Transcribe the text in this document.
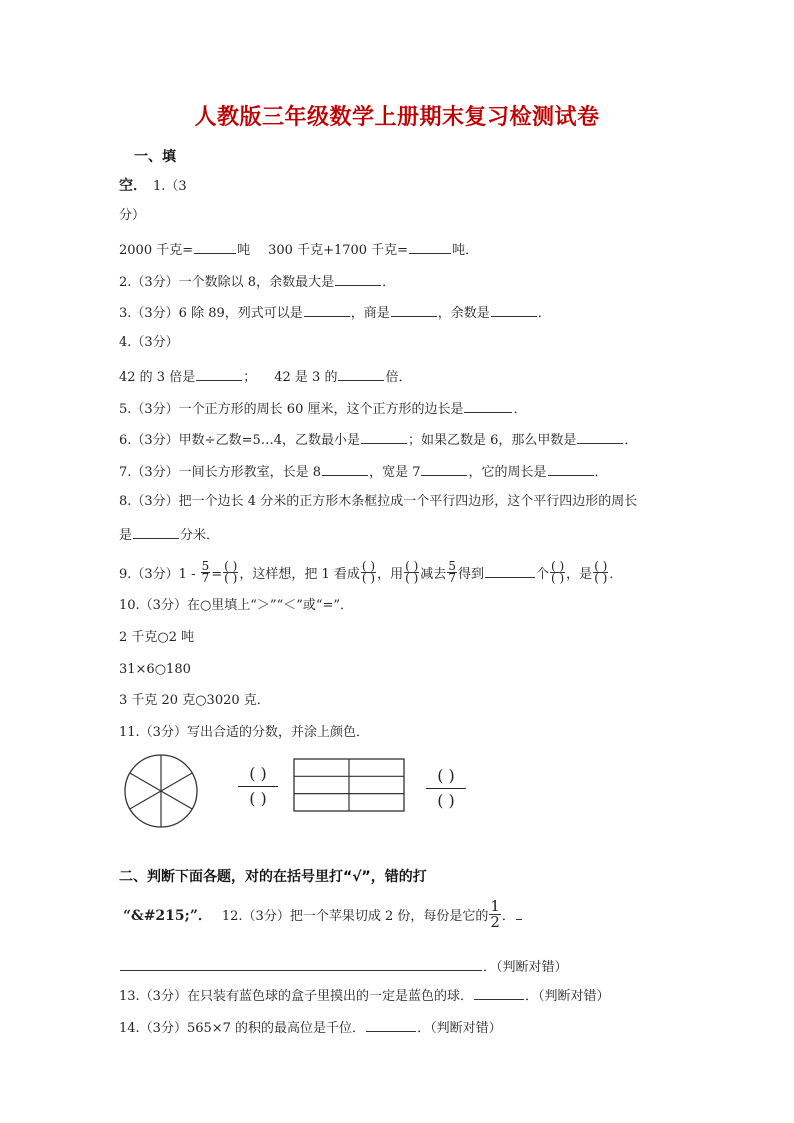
人教版三年级数学上册期末复习检测试卷
一、填
空． 1.（3
分）
2000 千克=	吨 300 千克+1700 千克=	吨．
2.（3分）一个数除以 8，余数最大是	．
3.（3分）6 除 89，列式可以是	，商是	，余数是	．
4.（3分）
42 的 3 倍是	； 42 是 3 的	倍．
5.（3分）一个正方形的周长 60 厘米，这个正方形的边长是	．
6.（3分）甲数÷乙数=5…4，乙数最小是	；如果乙数是 6，那么甲数是	．
7.（3分）一间长方形教室，长是 8	，宽是 7	，它的周长是	．
8.（3分）把一个边长 4 分米的正方形木条框拉成一个平行四边形，这个平行四边形的周长
是	分米．
9.（3分）$1 - \frac{5}{7} = \frac{( )}{( )}$ ，这样想，把 1 看成 $\frac{( )}{( )}$ ，用 $\frac{( )}{( )}$ 减去 $\frac{5}{7}$ 得到	个 $\frac{( )}{( )}$ ，是 $\frac{( )}{( )}$ ．
10.（3分）在○里填上“＞”“＜”或“=”．
2 千克○2 吨
31×6○180
3 千克 20 克○3020 克．
11.（3分）写出合适的分数，并涂上颜色．
( )
( )
( )
( )
二、判断下面各题，对的在括号里打“√”，错的打
“&#215;”． 12.（3分）把一个苹果切成 2 份，每份是它的 $\frac{1}{2}$ ．
．（判断对错）
13.（3分）在只装有蓝色球的盒子里摸出的一定是蓝色的球．	．（判断对错）
14.（3分）565×7 的积的最高位是千位．	．（判断对错）
